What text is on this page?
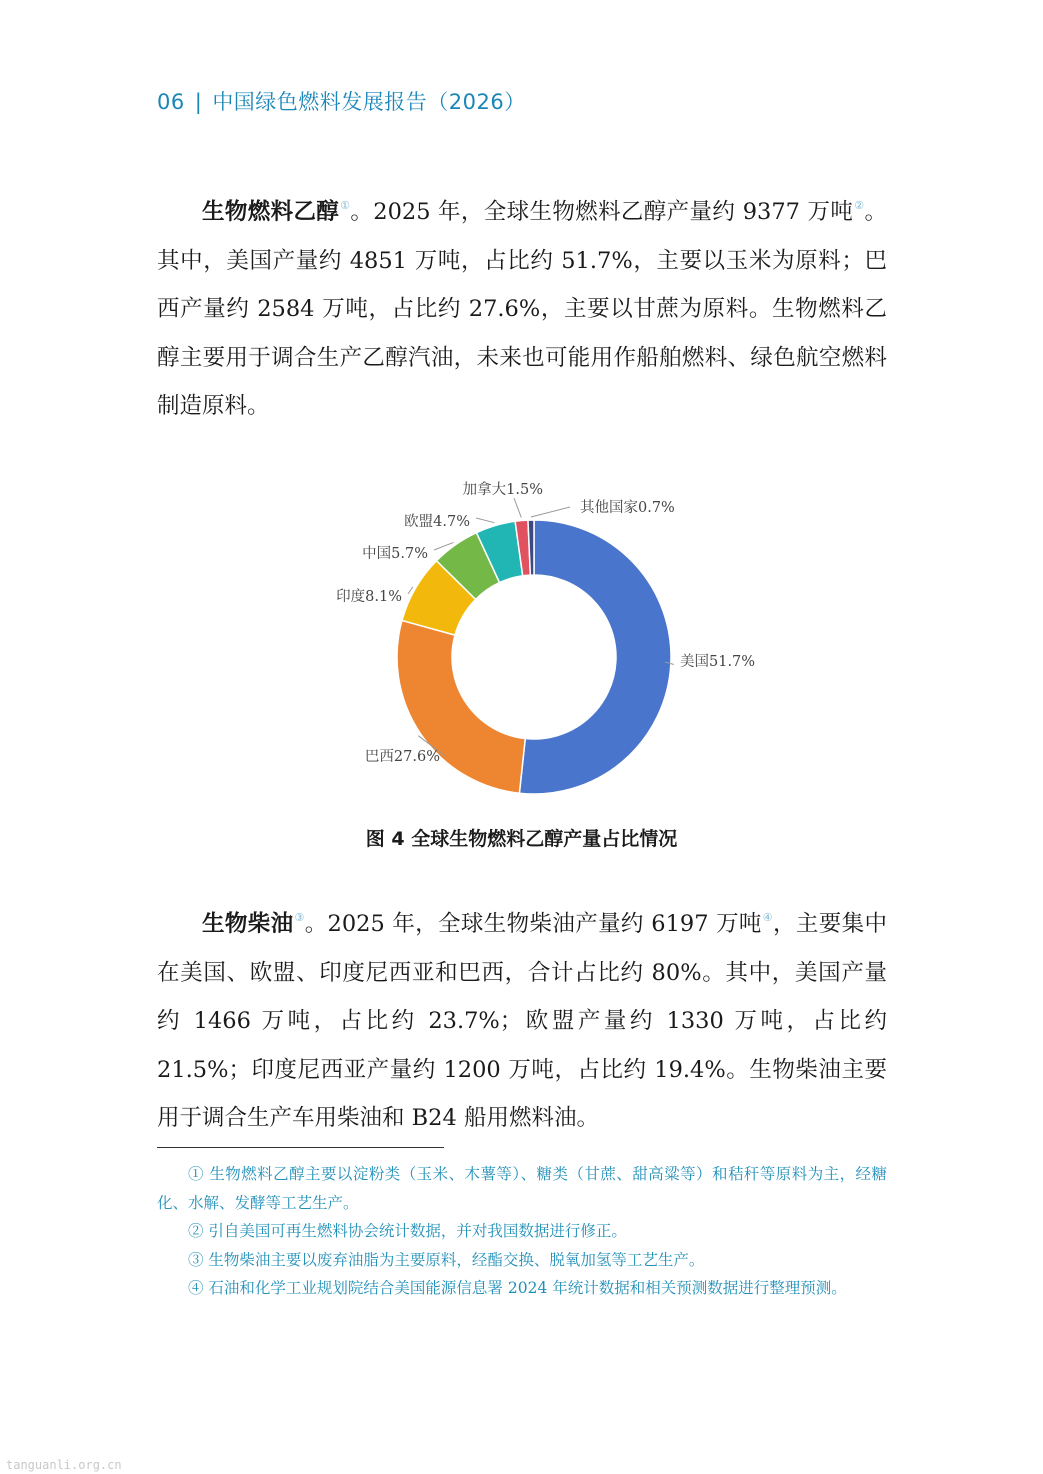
06 | 中国绿色燃料发展报告（2026）

生物燃料乙醇①。2025 年，全球生物燃料乙醇产量约 9377 万吨②。其中，美国产量约 4851 万吨，占比约 51.7%，主要以玉米为原料；巴西产量约 2584 万吨，占比约 27.6%，主要以甘蔗为原料。生物燃料乙醇主要用于调合生产乙醇汽油，未来也可能用作船舶燃料、绿色航空燃料制造原料。

美国51.7%
巴西27.6%
印度8.1%
中国5.7%
欧盟4.7%
加拿大1.5%
其他国家0.7%
图 4 全球生物燃料乙醇产量占比情况

生物柴油③。2025 年，全球生物柴油产量约 6197 万吨④，主要集中在美国、欧盟、印度尼西亚和巴西，合计占比约 80%。其中，美国产量约 1466 万吨，占比约 23.7%；欧盟产量约 1330 万吨，占比约 21.5%；印度尼西亚产量约 1200 万吨，占比约 19.4%。生物柴油主要用于调合生产车用柴油和 B24 船用燃料油。

① 生物燃料乙醇主要以淀粉类（玉米、木薯等）、糖类（甘蔗、甜高粱等）和秸秆等原料为主，经糖化、水解、发酵等工艺生产。

② 引自美国可再生燃料协会统计数据，并对我国数据进行修正。

③ 生物柴油主要以废弃油脂为主要原料，经酯交换、脱氧加氢等工艺生产。

④ 石油和化学工业规划院结合美国能源信息署 2024 年统计数据和相关预测数据进行整理预测。

tanguanli.org.cn
